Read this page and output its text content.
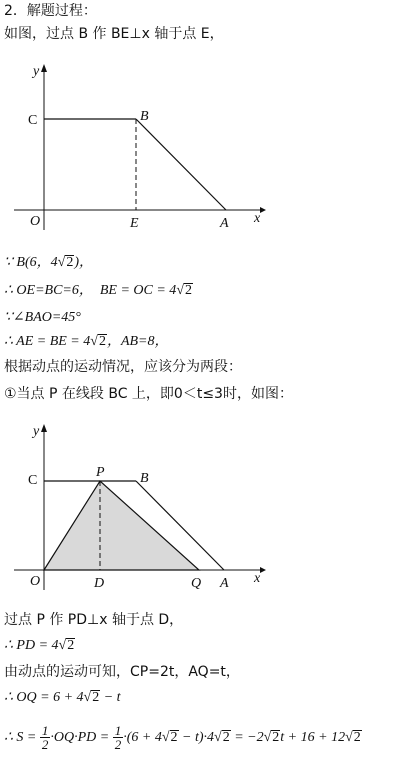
2．解题过程：
如图，过点 B 作 BE⊥x 轴于点 E，
y
x
C	B
O	E	A
∵ B(6，4√2)，
∴ OE=BC=6，  BE = OC = 4√2
∵∠BAO=45°
∴ AE = BE = 4√2，AB=8，
根据动点的运动情况，应该分为两段：
①当点 P 在线段 BC 上，即0＜t≤3时，如图：
y
x
C
P	B
O	D	Q A
过点 P 作 PD⊥x 轴于点 D，
∴ PD = 4√2
由动点的运动可知，CP=2t，AQ=t，
∴ OQ = 6 + 4√2 − t
∴ $S = \frac{1}{2} \cdot OQ\cdot PD = \frac{1}{2} \cdot(6 + 4√2 - t)\cdot 4√2 = -2√2t + 16 + 12√2$
